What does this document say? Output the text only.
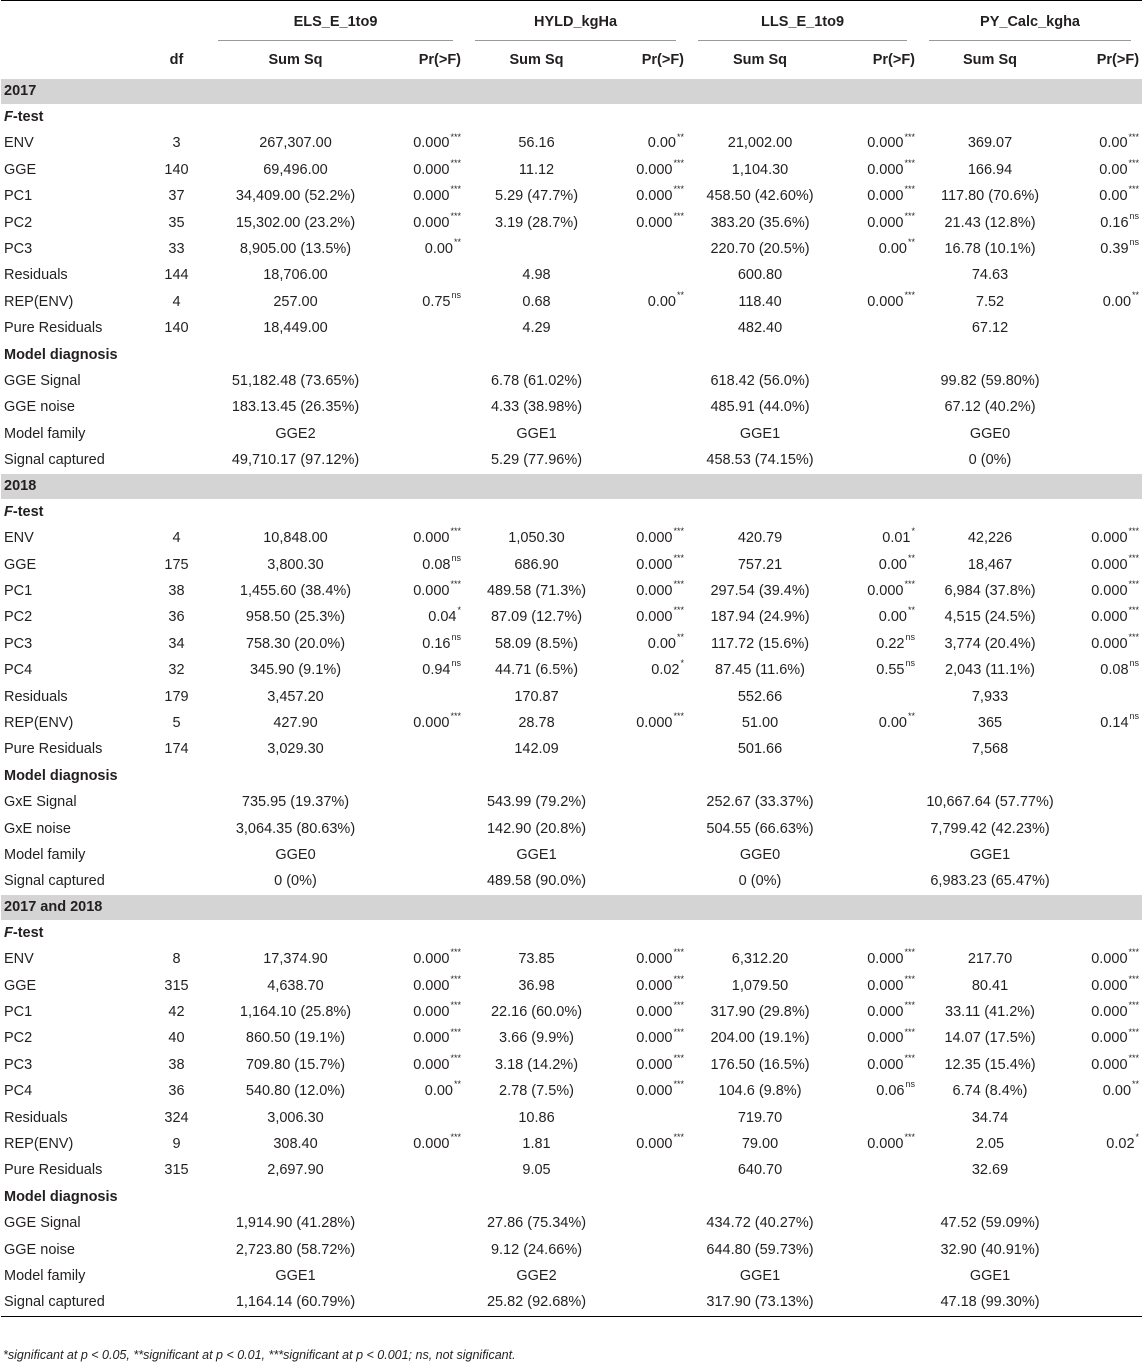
		ELS_E_1to9		HYLD_kgHa		LLS_E_1to9		PY_Calc_kgha	

	df	Sum Sq	Pr(>F)	Sum Sq	Pr(>F)	Sum Sq	Pr(>F)	Sum Sq	Pr(>F)
2017									
F-test									
ENV	3	267,307.00	0.000***	56.16	0.00**	21,002.00	0.000***	369.07	0.00***
GGE	140	69,496.00	0.000***	11.12	0.000***	1,104.30	0.000***	166.94	0.00***
PC1	37	34,409.00 (52.2%)	0.000***	5.29 (47.7%)	0.000***	458.50 (42.60%)	0.000***	117.80 (70.6%)	0.00***
PC2	35	15,302.00 (23.2%)	0.000***	3.19 (28.7%)	0.000***	383.20 (35.6%)	0.000***	21.43 (12.8%)	$0.16^{ns}$
PC3	33	8,905.00 (13.5%)	0.00**			220.70 (20.5%)	0.00**	16.78 (10.1%)	$0.39^{ns}$
Residuals	144	18,706.00		4.98		600.80		74.63	
REP(ENV)	4	257.00	$0.75^{ns}$	0.68	0.00**	118.40	0.000***	7.52	0.00**
Pure Residuals	140	18,449.00		4.29		482.40		67.12	
Model diagnosis									
GGE Signal		51,182.48 (73.65%)		6.78 (61.02%)		618.42 (56.0%)		99.82 (59.80%)	
GGE noise		183.13.45 (26.35%)		4.33 (38.98%)		485.91 (44.0%)		67.12 (40.2%)	
Model family		GGE2		GGE1		GGE1		GGE0	
Signal captured		49,710.17 (97.12%)		5.29 (77.96%)		458.53 (74.15%)		0 (0%)	
2018									
F-test									
ENV	4	10,848.00	0.000***	1,050.30	0.000***	420.79	0.01*	42,226	0.000***
GGE	175	3,800.30	$0.08^{ns}$	686.90	0.000***	757.21	0.00**	18,467	0.000***
PC1	38	1,455.60 (38.4%)	0.000***	489.58 (71.3%)	0.000***	297.54 (39.4%)	0.000***	6,984 (37.8%)	0.000***
PC2	36	958.50 (25.3%)	0.04*	87.09 (12.7%)	0.000***	187.94 (24.9%)	0.00**	4,515 (24.5%)	0.000***
PC3	34	758.30 (20.0%)	$0.16^{ns}$	58.09 (8.5%)	0.00**	117.72 (15.6%)	$0.22^{ns}$	3,774 (20.4%)	0.000***
PC4	32	345.90 (9.1%)	$0.94^{ns}$	44.71 (6.5%)	0.02*	87.45 (11.6%)	$0.55^{ns}$	2,043 (11.1%)	$0.08^{ns}$
Residuals	179	3,457.20		170.87		552.66		7,933	
REP(ENV)	5	427.90	0.000***	28.78	0.000***	51.00	0.00**	365	$0.14^{ns}$
Pure Residuals	174	3,029.30		142.09		501.66		7,568	
Model diagnosis									
GxE Signal		735.95 (19.37%)		543.99 (79.2%)		252.67 (33.37%)		10,667.64 (57.77%)	
GxE noise		3,064.35 (80.63%)		142.90 (20.8%)		504.55 (66.63%)		7,799.42 (42.23%)	
Model family		GGE0		GGE1		GGE0		GGE1	
Signal captured		0 (0%)		489.58 (90.0%)		0 (0%)		6,983.23 (65.47%)	
2017 and 2018									
F-test									
ENV	8	17,374.90	0.000***	73.85	0.000***	6,312.20	0.000***	217.70	0.000***
GGE	315	4,638.70	0.000***	36.98	0.000***	1,079.50	0.000***	80.41	0.000***
PC1	42	1,164.10 (25.8%)	0.000***	22.16 (60.0%)	0.000***	317.90 (29.8%)	0.000***	33.11 (41.2%)	0.000***
PC2	40	860.50 (19.1%)	0.000***	3.66 (9.9%)	0.000***	204.00 (19.1%)	0.000***	14.07 (17.5%)	0.000***
PC3	38	709.80 (15.7%)	0.000***	3.18 (14.2%)	0.000***	176.50 (16.5%)	0.000***	12.35 (15.4%)	0.000***
PC4	36	540.80 (12.0%)	0.00**	2.78 (7.5%)	0.000***	104.6 (9.8%)	$0.06^{ns}$	6.74 (8.4%)	0.00**
Residuals	324	3,006.30		10.86		719.70		34.74	
REP(ENV)	9	308.40	0.000***	1.81	0.000***	79.00	0.000***	2.05	0.02*
Pure Residuals	315	2,697.90		9.05		640.70		32.69	
Model diagnosis									
GGE Signal		1,914.90 (41.28%)		27.86 (75.34%)		434.72 (40.27%)		47.52 (59.09%)	
GGE noise		2,723.80 (58.72%)		9.12 (24.66%)		644.80 (59.73%)		32.90 (40.91%)	
Model family		GGE1		GGE2		GGE1		GGE1	
Signal captured		1,164.14 (60.79%)		25.82 (92.68%)		317.90 (73.13%)		47.18 (99.30%)	
*significant at p < 0.05, **significant at p < 0.01, ***significant at p < 0.001; ns, not significant.
